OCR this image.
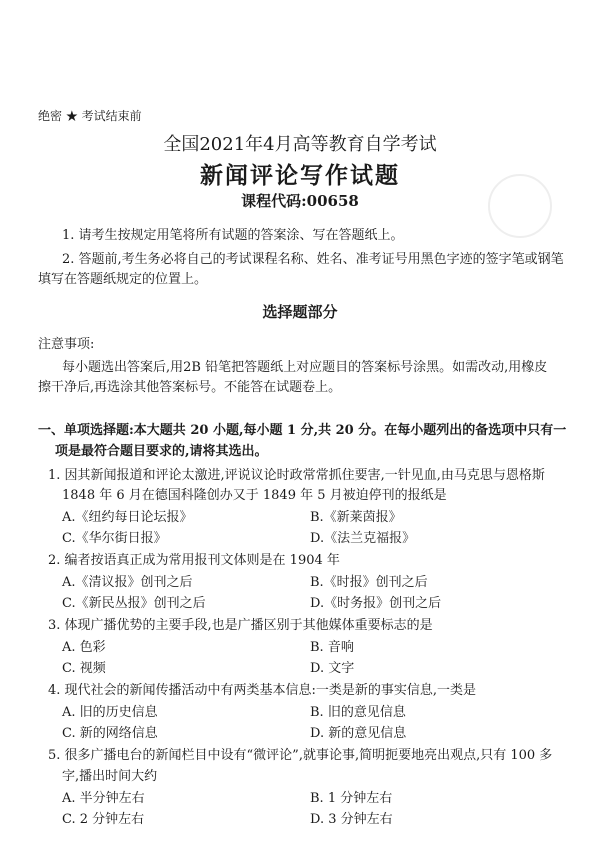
绝密 ★ 考试结束前
全国2021年4月高等教育自学考试
新闻评论写作试题
课程代码:00658
1. 请考生按规定用笔将所有试题的答案涂、写在答题纸上。
2. 答题前,考生务必将自己的考试课程名称、姓名、准考证号用黑色字迹的签字笔或钢笔
填写在答题纸规定的位置上。
选择题部分
注意事项:
每小题选出答案后,用2B 铅笔把答题纸上对应题目的答案标号涂黑。如需改动,用橡皮
擦干净后,再选涂其他答案标号。不能答在试题卷上。
一、单项选择题:本大题共 20 小题,每小题 1 分,共 20 分。在每小题列出的备选项中只有一
项是最符合题目要求的,请将其选出。
1. 因其新闻报道和评论太激进,评说议论时政常常抓住要害,一针见血,由马克思与恩格斯
1848 年 6 月在德国科隆创办又于 1849 年 5 月被迫停刊的报纸是
A.《纽约每日论坛报》	B.《新莱茵报》
C.《华尔街日报》	D.《法兰克福报》
2. 编者按语真正成为常用报刊文体则是在 1904 年
A.《清议报》创刊之后	B.《时报》创刊之后
C.《新民丛报》创刊之后	D.《时务报》创刊之后
3. 体现广播优势的主要手段,也是广播区别于其他媒体重要标志的是
A. 色彩	B. 音响
C. 视频	D. 文字
4. 现代社会的新闻传播活动中有两类基本信息:一类是新的事实信息,一类是
A. 旧的历史信息	B. 旧的意见信息
C. 新的网络信息	D. 新的意见信息
5. 很多广播电台的新闻栏目中设有“微评论”,就事论事,简明扼要地亮出观点,只有 100 多
字,播出时间大约
A. 半分钟左右	B. 1 分钟左右
C. 2 分钟左右	D. 3 分钟左右
